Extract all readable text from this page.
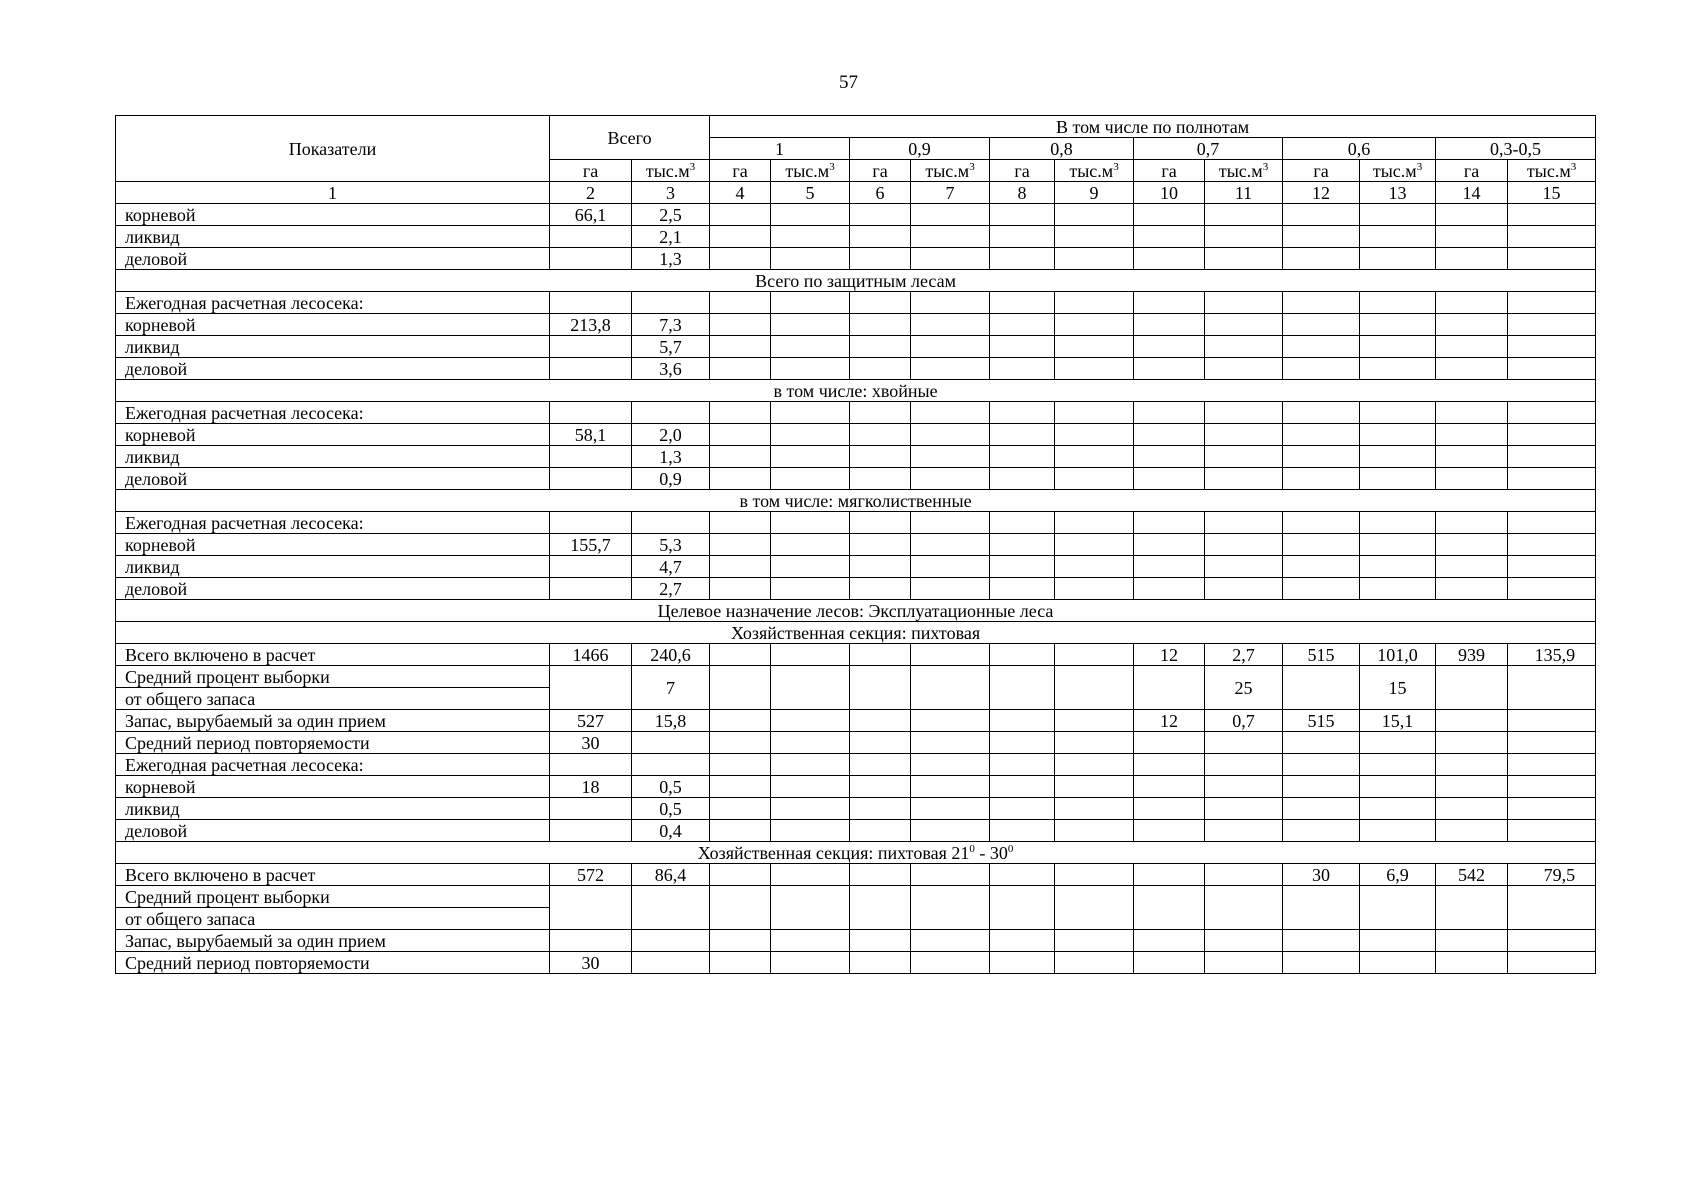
57
Показатели	Всего		В том числе по полнотам											
			1		0,9		0,8		0,7		0,6		0,3-0,5	
	га	$тыс.м^3$	га	$тыс.м^3$	га	$тыс.м^3$	га	$тыс.м^3$	га	$тыс.м^3$	га	$тыс.м^3$	га	$тыс.м^3$
1	2	3	4	5	6	7	8	9	10	11	12	13	14	15
корневой	66,1	2,5												
ликвид		2,1												
деловой		1,3												
Всего по защитным лесам														
Ежегодная расчетная лесосека:														
корневой	213,8	7,3												
ликвид		5,7												
деловой		3,6												
в том числе: хвойные														
Ежегодная расчетная лесосека:														
корневой	58,1	2,0												
ликвид		1,3												
деловой		0,9												
в том числе: мягколиственные														
Ежегодная расчетная лесосека:														
корневой	155,7	5,3												
ликвид		4,7												
деловой		2,7												
Целевое назначение лесов: Эксплуатационные леса														
Хозяйственная секция: пихтовая														
Всего включено в расчет	1466	240,6							12	2,7	515	101,0	939	135,9
Средний процент выборки		7								25		15		
от общего запаса														
Запас, вырубаемый за один прием	527	15,8							12	0,7	515	15,1		
Средний период повторяемости	30													
Ежегодная расчетная лесосека:														
корневой	18	0,5												
ликвид		0,5												
деловой		0,4												
Хозяйственная секция: пихтовая $21^0 - 30^0$
Всего включено в расчет	572	86,4									30	6,9	542	79,5
Средний процент выборки														
от общего запаса														
Запас, вырубаемый за один прием														
Средний период повторяемости	30													
